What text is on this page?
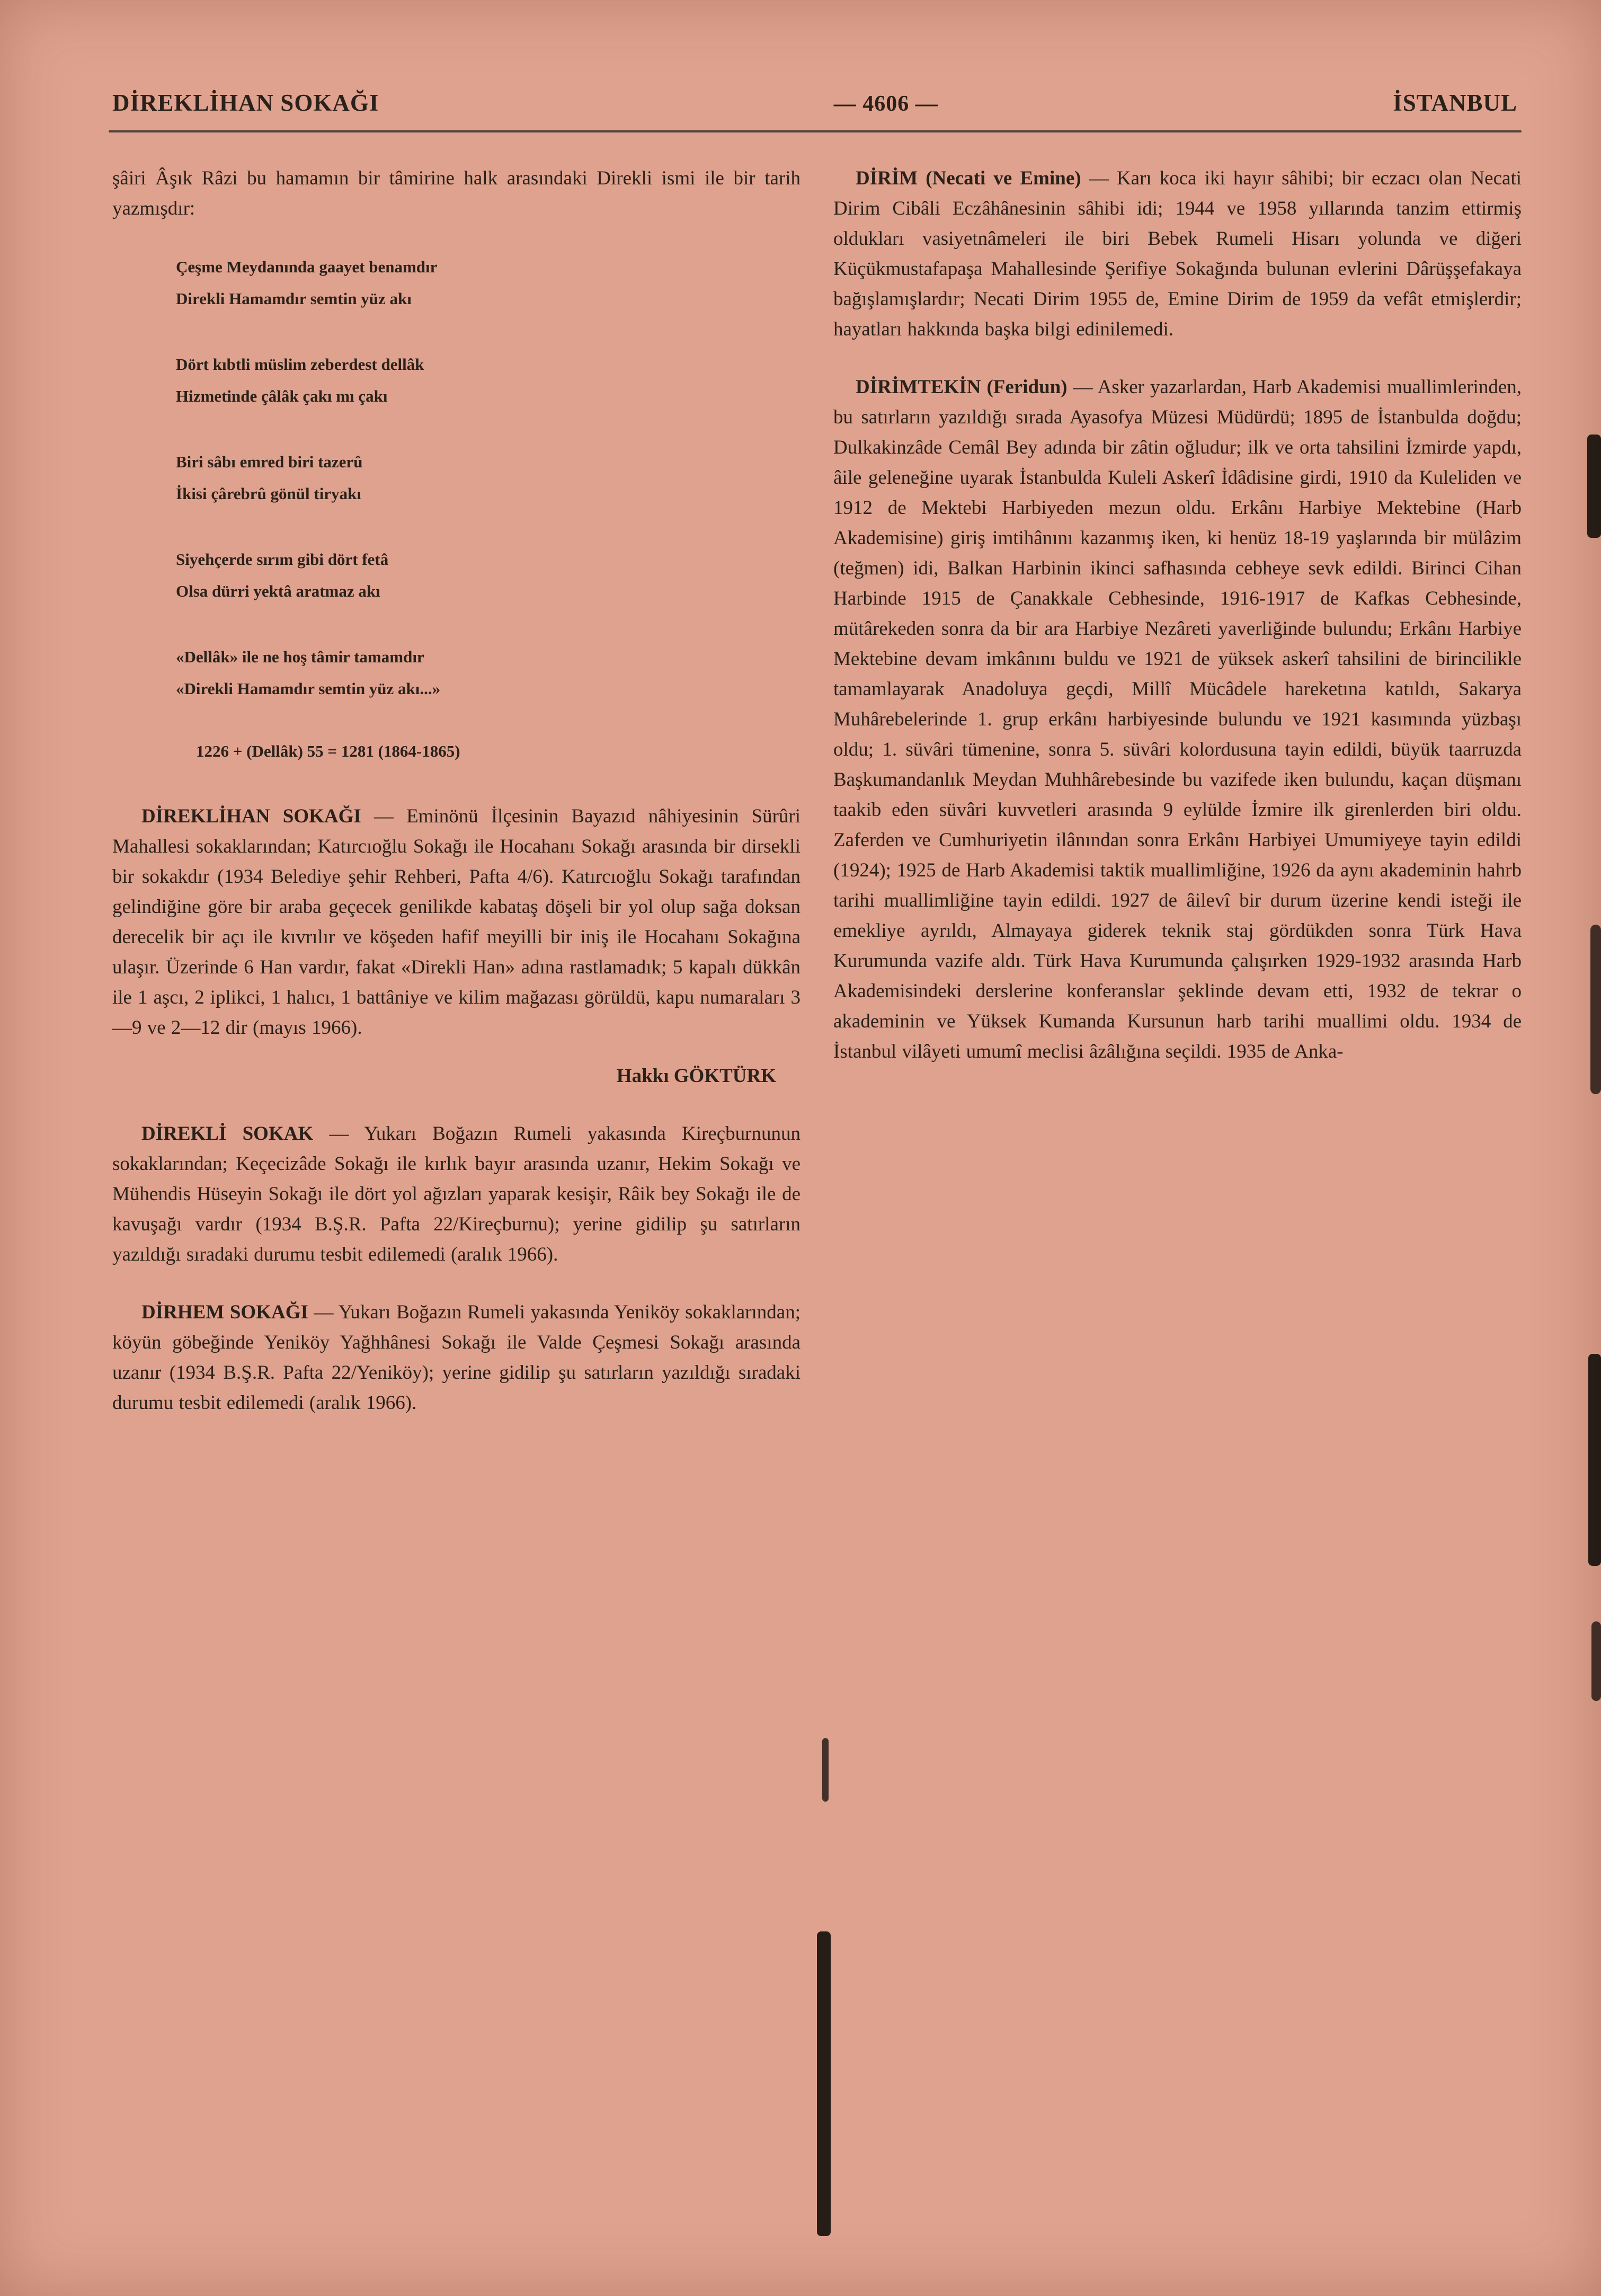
DİREKLİHAN SOKAĞI	— 4606 —	İSTANBUL

şâiri Âşık Râzi bu hamamın bir tâmirine halk arasındaki Direkli ismi ile bir tarih yazmışdır:

Çeşme Meydanında gaayet benamdır
Direkli Hamamdır semtin yüz akı
Dört kıbtli müslim zeberdest dellâk
Hizmetinde çâlâk çakı mı çakı
Biri sâbı emred biri tazerû
İkisi çârebrû gönül tiryakı
Siyehçerde sırım gibi dört fetâ
Olsa dürri yektâ aratmaz akı
«Dellâk» ile ne hoş tâmir tamamdır
«Direkli Hamamdır semtin yüz akı...»
1226 + (Dellâk) 55 = 1281 (1864-1865)

DİREKLİHAN SOKAĞI — Eminönü İlçesinin Bayazıd nâhiyesinin Sürûri Mahallesi sokaklarından; Katırcıoğlu Sokağı ile Hocahanı Sokağı arasında bir dirsekli bir sokakdır (1934 Belediye şehir Rehberi, Pafta 4/6). Katırcıoğlu Sokağı tarafından gelindiğine göre bir araba geçecek genilikde kabataş döşeli bir yol olup sağa doksan derecelik bir açı ile kıvrılır ve köşeden hafif meyilli bir iniş ile Hocahanı Sokağına ulaşır. Üzerinde 6 Han vardır, fakat «Direkli Han» adına rastlamadık; 5 kapalı dükkân ile 1 aşcı, 2 iplikci, 1 halıcı, 1 battâniye ve kilim mağazası görüldü, kapu numaraları 3—9 ve 2—12 dir (mayıs 1966).

Hakkı GÖKTÜRK

DİREKLİ SOKAK — Yukarı Boğazın Rumeli yakasında Kireçburnunun sokaklarından; Keçecizâde Sokağı ile kırlık bayır arasında uzanır, Hekim Sokağı ve Mühendis Hüseyin Sokağı ile dört yol ağızları yaparak kesişir, Râik bey Sokağı ile de kavuşağı vardır (1934 B.Ş.R. Pafta 22/Kireçburnu); yerine gidilip şu satırların yazıldığı sıradaki durumu tesbit edilemedi (aralık 1966).

DİRHEM SOKAĞI — Yukarı Boğazın Rumeli yakasında Yeniköy sokaklarından; köyün göbeğinde Yeniköy Yağhhânesi Sokağı ile Valde Çeşmesi Sokağı arasında uzanır (1934 B.Ş.R. Pafta 22/Yeniköy); yerine gidilip şu satırların yazıldığı sıradaki durumu tesbit edilemedi (aralık 1966).

DİRİM (Necati ve Emine) — Karı koca iki hayır sâhibi; bir eczacı olan Necati Dirim Cibâli Eczâhânesinin sâhibi idi; 1944 ve 1958 yıllarında tanzim ettirmiş oldukları vasiyetnâmeleri ile biri Bebek Rumeli Hisarı yolunda ve diğeri Küçükmustafapaşa Mahallesinde Şerifiye Sokağında bulunan evlerini Dârüşşefakaya bağışlamışlardır; Necati Dirim 1955 de, Emine Dirim de 1959 da vefât etmişlerdir; hayatları hakkında başka bilgi edinilemedi.

DİRİMTEKİN (Feridun) — Asker yazarlardan, Harb Akademisi muallimlerinden, bu satırların yazıldığı sırada Ayasofya Müzesi Müdürdü; 1895 de İstanbulda doğdu; Dulkakinzâde Cemâl Bey adında bir zâtin oğludur; ilk ve orta tahsilini İzmirde yapdı, âile geleneğine uyarak İstanbulda Kuleli Askerî İdâdisine girdi, 1910 da Kuleliden ve 1912 de Mektebi Harbiyeden mezun oldu. Erkânı Harbiye Mektebine (Harb Akademisine) giriş imtihânını kazanmış iken, ki henüz 18-19 yaşlarında bir mülâzim (teğmen) idi, Balkan Harbinin ikinci safhasında cebheye sevk edildi. Birinci Cihan Harbinde 1915 de Çanakkale Cebhesinde, 1916-1917 de Kafkas Cebhesinde, mütârekeden sonra da bir ara Harbiye Nezâreti yaverliğinde bulundu; Erkânı Harbiye Mektebine devam imkânını buldu ve 1921 de yüksek askerî tahsilini de birincilikle tamamlayarak Anadoluya geçdi, Millî Mücâdele hareketına katıldı, Sakarya Muhârebelerinde 1. grup erkânı harbiyesinde bulundu ve 1921 kasımında yüzbaşı oldu; 1. süvâri tümenine, sonra 5. süvâri kolordusuna tayin edildi, büyük taarruzda Başkumandanlık Meydan Muhhârebesinde bu vazifede iken bulundu, kaçan düşmanı taakib eden süvâri kuvvetleri arasında 9 eylülde İzmire ilk girenlerden biri oldu. Zaferden ve Cumhuriyetin ilânından sonra Erkânı Harbiyei Umumiyeye tayin edildi (1924); 1925 de Harb Akademisi taktik muallimliğine, 1926 da aynı akademinin hahrb tarihi muallimliğine tayin edildi. 1927 de âilevî bir durum üzerine kendi isteği ile emekliye ayrıldı, Almayaya giderek teknik staj gördükden sonra Türk Hava Kurumunda vazife aldı. Türk Hava Kurumunda çalışırken 1929-1932 arasında Harb Akademisindeki derslerine konferanslar şeklinde devam etti, 1932 de tekrar o akademinin ve Yüksek Kumanda Kursunun harb tarihi muallimi oldu. 1934 de İstanbul vilâyeti umumî meclisi âzâlığına seçildi. 1935 de Anka-
